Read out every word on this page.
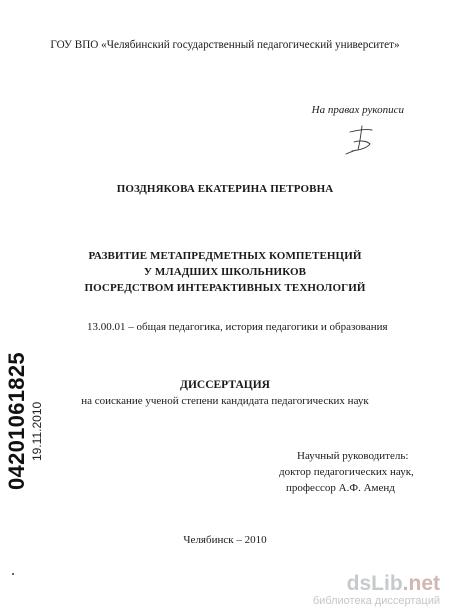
ГОУ ВПО «Челябинский государственный педагогический университет»
На правах рукописи
ПОЗДНЯКОВА ЕКАТЕРИНА ПЕТРОВНА
РАЗВИТИЕ МЕТАПРЕДМЕТНЫХ КОМПЕТЕНЦИЙ
У МЛАДШИХ ШКОЛЬНИКОВ
ПОСРЕДСТВОМ ИНТЕРАКТИВНЫХ ТЕХНОЛОГИЙ
13.00.01 – общая педагогика, история педагогики и образования
ДИССЕРТАЦИЯ
на соискание ученой степени кандидата педагогических наук
Научный руководитель:
доктор педагогических наук,
профессор А.Ф. Аменд
Челябинск – 2010
04201061825 19.11.2010
dsLib.net
библиотека диссертаций
